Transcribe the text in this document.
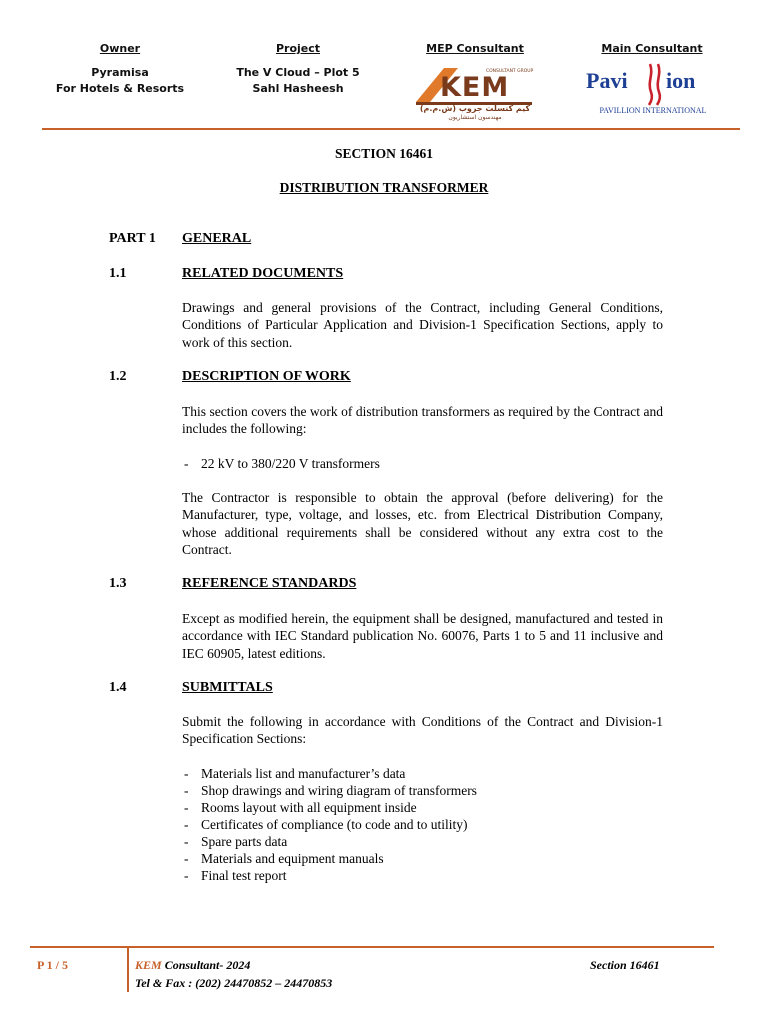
Owner
Pyramisa
For Hotels & Resorts
Project
The V Cloud – Plot 5
Sahl Hasheesh
MEP Consultant	Main Consultant
KEM
CONSULTANT GROUP
كيم كنسلت جروب (ش.م.م)
مهندسون استشاريون
Pavi ion
PAVILLION INTERNATIONAL
SECTION 16461
DISTRIBUTION TRANSFORMER
PART 1 GENERAL
1.1	RELATED DOCUMENTS
Drawings and general provisions of the Contract, including General Conditions, Conditions of Particular Application and Division-1 Specification Sections, apply to work of this section.
1.2	DESCRIPTION OF WORK
This section covers the work of distribution transformers as required by the Contract and includes the following:
- 22 kV to 380/220 V transformers
The Contractor is responsible to obtain the approval (before delivering) for the Manufacturer, type, voltage, and losses, etc. from Electrical Distribution Company, whose additional requirements shall be considered without any extra cost to the Contract.
1.3	REFERENCE STANDARDS
Except as modified herein, the equipment shall be designed, manufactured and tested in accordance with IEC Standard publication No. 60076, Parts 1 to 5 and 11 inclusive and IEC 60905, latest editions.
1.4	SUBMITTALS
Submit the following in accordance with Conditions of the Contract and Division-1 Specification Sections:
- Materials list and manufacturer’s data
- Shop drawings and wiring diagram of transformers
- Rooms layout with all equipment inside
- Certificates of compliance (to code and to utility)
- Spare parts data
- Materials and equipment manuals
- Final test report
P 1 / 5	KEM Consultant- 2024
Tel & Fax : (202) 24470852 – 24470853
Section 16461
